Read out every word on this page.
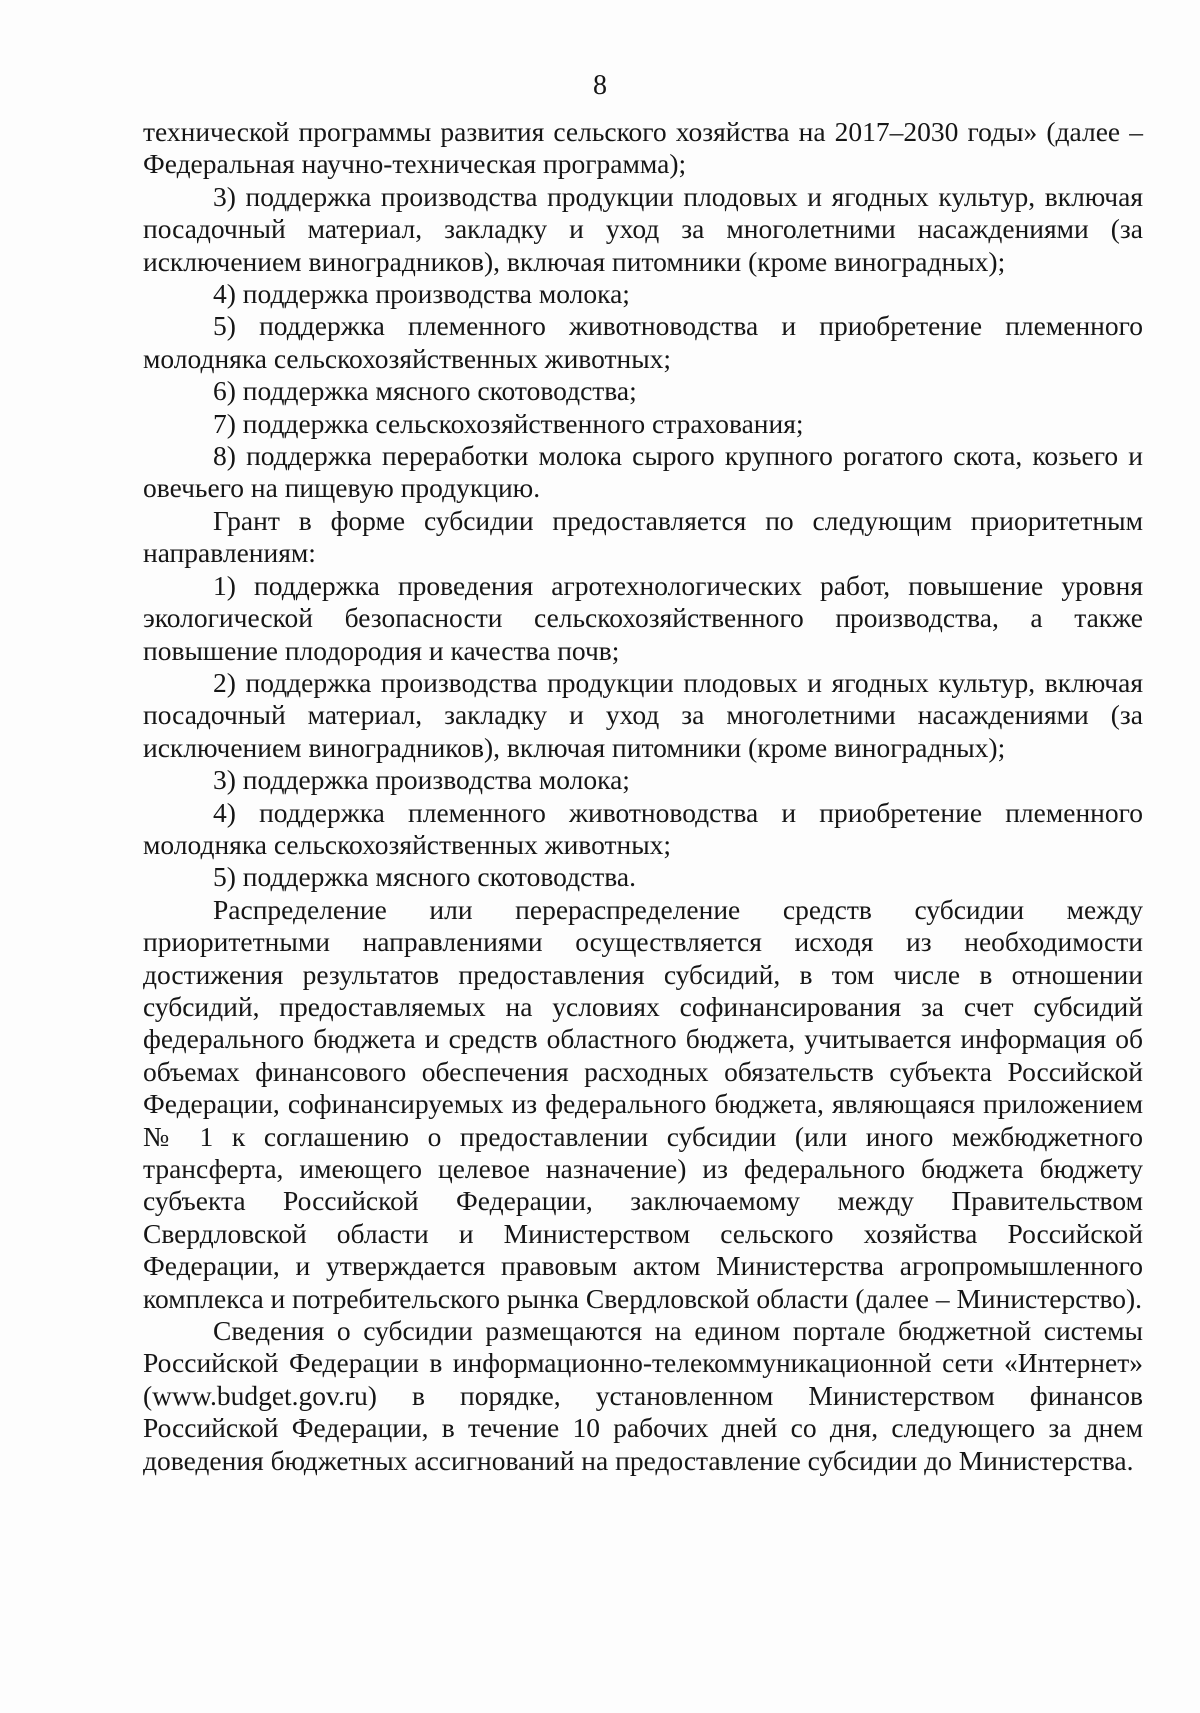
8

технической программы развития сельского хозяйства на 2017–2030 годы» (далее – Федеральная научно-техническая программа);

3) поддержка производства продукции плодовых и ягодных культур, включая посадочный материал, закладку и уход за многолетними насаждениями (за исключением виноградников), включая питомники (кроме виноградных);

4) поддержка производства молока;

5) поддержка племенного животноводства и приобретение племенного молодняка сельскохозяйственных животных;

6) поддержка мясного скотоводства;

7) поддержка сельскохозяйственного страхования;

8) поддержка переработки молока сырого крупного рогатого скота, козьего и овечьего на пищевую продукцию.

Грант в форме субсидии предоставляется по следующим приоритетным направлениям:

1) поддержка проведения агротехнологических работ, повышение уровня экологической безопасности сельскохозяйственного производства, а также повышение плодородия и качества почв;

2) поддержка производства продукции плодовых и ягодных культур, включая посадочный материал, закладку и уход за многолетними насаждениями (за исключением виноградников), включая питомники (кроме виноградных);

3) поддержка производства молока;

4) поддержка племенного животноводства и приобретение племенного молодняка сельскохозяйственных животных;

5) поддержка мясного скотоводства.

Распределение или перераспределение средств субсидии между приоритетными направлениями осуществляется исходя из необходимости достижения результатов предоставления субсидий, в том числе в отношении субсидий, предоставляемых на условиях софинансирования за счет субсидий федерального бюджета и средств областного бюджета, учитывается информация об объемах финансового обеспечения расходных обязательств субъекта Российской Федерации, софинансируемых из федерального бюджета, являющаяся приложением № 1 к соглашению о предоставлении субсидии (или иного межбюджетного трансферта, имеющего целевое назначение) из федерального бюджета бюджету субъекта Российской Федерации, заключаемому между Правительством Свердловской области и Министерством сельского хозяйства Российской Федерации, и утверждается правовым актом Министерства агропромышленного комплекса и потребительского рынка Свердловской области (далее – Министерство).

Сведения о субсидии размещаются на едином портале бюджетной системы Российской Федерации в информационно-телекоммуникационной сети «Интернет» (www.budget.gov.ru) в порядке, установленном Министерством финансов Российской Федерации, в течение 10 рабочих дней со дня, следующего за днем доведения бюджетных ассигнований на предоставление субсидии до Министерства.
